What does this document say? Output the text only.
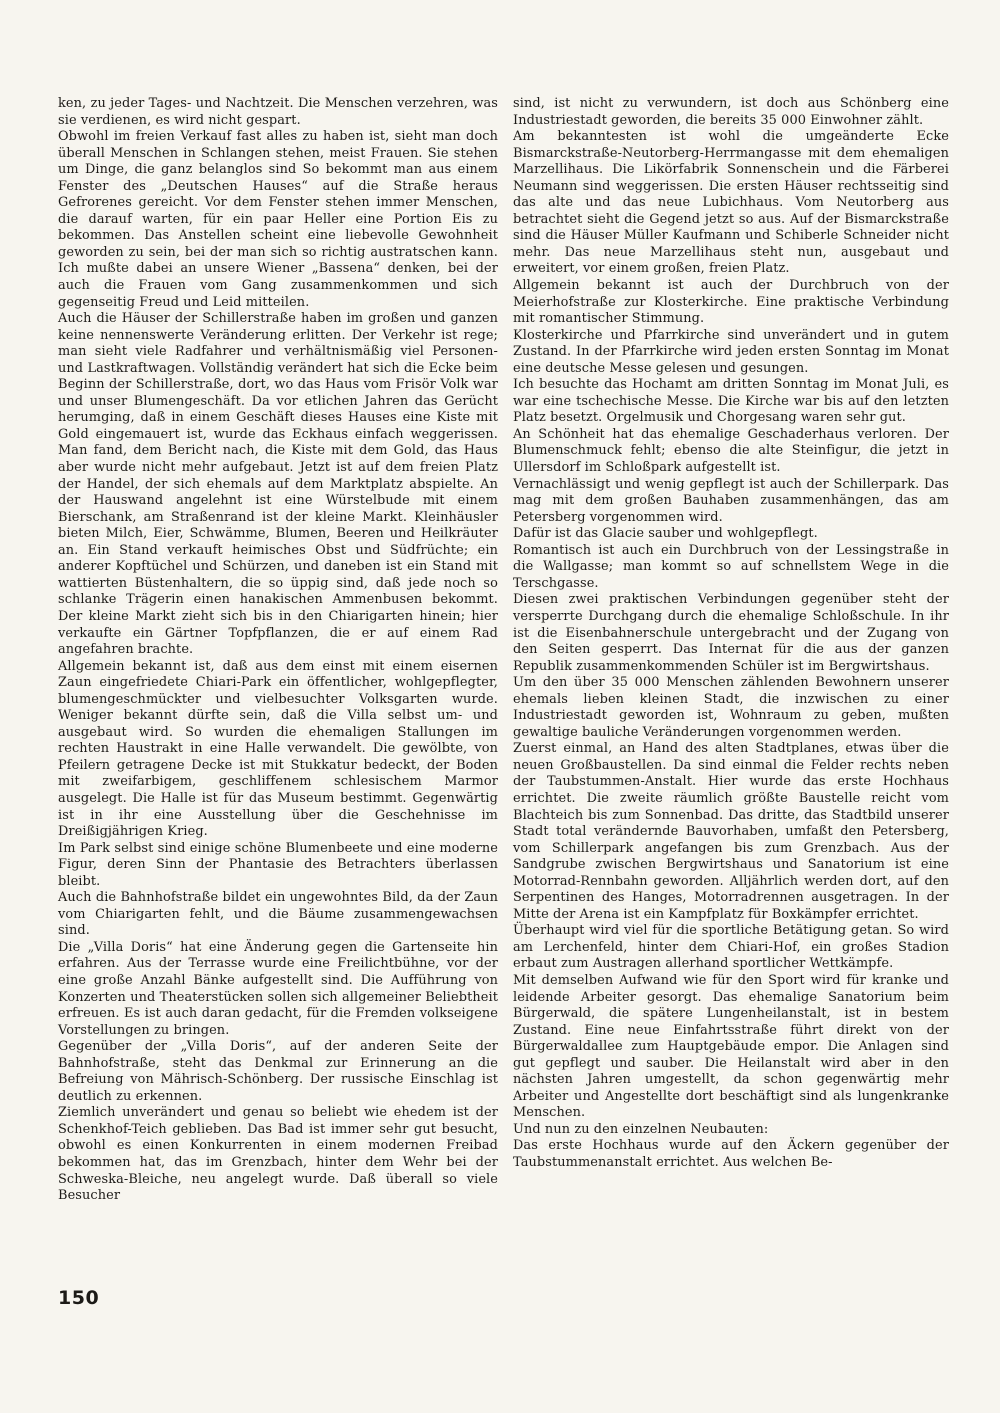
ken, zu jeder Tages- und Nachtzeit. Die Menschen verzehren, was sie verdienen, es wird nicht gespart.

Obwohl im freien Verkauf fast alles zu haben ist, sieht man doch überall Menschen in Schlangen stehen, meist Frauen. Sie stehen um Dinge, die ganz belanglos sind So bekommt man aus einem Fenster des „Deutschen Hauses“ auf die Straße heraus Gefrorenes gereicht. Vor dem Fenster stehen immer Menschen, die darauf warten, für ein paar Heller eine Portion Eis zu bekommen. Das Anstellen scheint eine liebevolle Gewohnheit geworden zu sein, bei der man sich so richtig austratschen kann. Ich mußte dabei an unsere Wiener „Bassena“ denken, bei der auch die Frauen vom Gang zusammenkommen und sich gegenseitig Freud und Leid mitteilen.

Auch die Häuser der Schillerstraße haben im großen und ganzen keine nennenswerte Veränderung erlitten. Der Verkehr ist rege; man sieht viele Radfahrer und verhältnismäßig viel Personen- und Lastkraftwagen. Vollständig verändert hat sich die Ecke beim Beginn der Schillerstraße, dort, wo das Haus vom Frisör Volk war und unser Blumengeschäft. Da vor etlichen Jahren das Gerücht herumging, daß in einem Geschäft dieses Hauses eine Kiste mit Gold eingemauert ist, wurde das Eckhaus einfach weggerissen. Man fand, dem Bericht nach, die Kiste mit dem Gold, das Haus aber wurde nicht mehr aufgebaut. Jetzt ist auf dem freien Platz der Handel, der sich ehemals auf dem Marktplatz abspielte. An der Hauswand angelehnt ist eine Würstelbude mit einem Bierschank, am Straßenrand ist der kleine Markt. Kleinhäusler bieten Milch, Eier, Schwämme, Blumen, Beeren und Heilkräuter an. Ein Stand verkauft heimisches Obst und Südfrüchte; ein anderer Kopftüchel und Schürzen, und daneben ist ein Stand mit wattierten Büstenhaltern, die so üppig sind, daß jede noch so schlanke Trägerin einen hanakischen Ammenbusen bekommt. Der kleine Markt zieht sich bis in den Chiarigarten hinein; hier verkaufte ein Gärtner Topfpflanzen, die er auf einem Rad angefahren brachte.

Allgemein bekannt ist, daß aus dem einst mit einem eisernen Zaun eingefriedete Chiari-Park ein öffentlicher, wohlgepflegter, blumengeschmückter und vielbesuchter Volksgarten wurde. Weniger bekannt dürfte sein, daß die Villa selbst um- und ausgebaut wird. So wurden die ehemaligen Stallungen im rechten Haustrakt in eine Halle verwandelt. Die gewölbte, von Pfeilern getragene Decke ist mit Stukkatur bedeckt, der Boden mit zweifarbigem, geschliffenem schlesischem Marmor ausgelegt. Die Halle ist für das Museum bestimmt. Gegenwärtig ist in ihr eine Ausstellung über die Geschehnisse im Dreißigjährigen Krieg.

Im Park selbst sind einige schöne Blumenbeete und eine moderne Figur, deren Sinn der Phantasie des Betrachters überlassen bleibt.

Auch die Bahnhofstraße bildet ein ungewohntes Bild, da der Zaun vom Chiarigarten fehlt, und die Bäume zusammengewachsen sind.

Die „Villa Doris“ hat eine Änderung gegen die Gartenseite hin erfahren. Aus der Terrasse wurde eine Freilichtbühne, vor der eine große Anzahl Bänke aufgestellt sind. Die Aufführung von Konzerten und Theaterstücken sollen sich allgemeiner Beliebtheit erfreuen. Es ist auch daran gedacht, für die Fremden volkseigene Vorstellungen zu bringen.

Gegenüber der „Villa Doris“, auf der anderen Seite der Bahnhofstraße, steht das Denkmal zur Erinnerung an die Befreiung von Mährisch-Schönberg. Der russische Einschlag ist deutlich zu erkennen.

Ziemlich unverändert und genau so beliebt wie ehedem ist der Schenkhof-Teich geblieben. Das Bad ist immer sehr gut besucht, obwohl es einen Konkurrenten in einem modernen Freibad bekommen hat, das im Grenzbach, hinter dem Wehr bei der Schweska-Bleiche, neu angelegt wurde. Daß überall so viele Besucher

sind, ist nicht zu verwundern, ist doch aus Schönberg eine Industriestadt geworden, die bereits 35 000 Einwohner zählt.

Am bekanntesten ist wohl die umgeänderte Ecke Bismarckstraße-Neutorberg-Herrmangasse mit dem ehemaligen Marzellihaus. Die Likörfabrik Sonnenschein und die Färberei Neumann sind weggerissen. Die ersten Häuser rechtsseitig sind das alte und das neue Lubichhaus. Vom Neutorberg aus betrachtet sieht die Gegend jetzt so aus. Auf der Bismarckstraße sind die Häuser Müller Kaufmann und Schiberle Schneider nicht mehr. Das neue Marzellihaus steht nun, ausgebaut und erweitert, vor einem großen, freien Platz.

Allgemein bekannt ist auch der Durchbruch von der Meierhofstraße zur Klosterkirche. Eine praktische Verbindung mit romantischer Stimmung.

Klosterkirche und Pfarrkirche sind unverändert und in gutem Zustand. In der Pfarrkirche wird jeden ersten Sonntag im Monat eine deutsche Messe gelesen und gesungen.

Ich besuchte das Hochamt am dritten Sonntag im Monat Juli, es war eine tschechische Messe. Die Kirche war bis auf den letzten Platz besetzt. Orgelmusik und Chorgesang waren sehr gut.

An Schönheit hat das ehemalige Geschaderhaus verloren. Der Blumenschmuck fehlt; ebenso die alte Steinfigur, die jetzt in Ullersdorf im Schloßpark aufgestellt ist.

Vernachlässigt und wenig gepflegt ist auch der Schillerpark. Das mag mit dem großen Bauhaben zusammenhängen, das am Petersberg vorgenommen wird.

Dafür ist das Glacie sauber und wohlgepflegt.

Romantisch ist auch ein Durchbruch von der Lessingstraße in die Wallgasse; man kommt so auf schnellstem Wege in die Terschgasse.

Diesen zwei praktischen Verbindungen gegenüber steht der versperrte Durchgang durch die ehemalige Schloßschule. In ihr ist die Eisenbahnerschule untergebracht und der Zugang von den Seiten gesperrt. Das Internat für die aus der ganzen Republik zusammenkommenden Schüler ist im Bergwirtshaus.

Um den über 35 000 Menschen zählenden Bewohnern unserer ehemals lieben kleinen Stadt, die inzwischen zu einer Industriestadt geworden ist, Wohnraum zu geben, mußten gewaltige bauliche Veränderungen vorgenommen werden.

Zuerst einmal, an Hand des alten Stadtplanes, etwas über die neuen Großbaustellen. Da sind einmal die Felder rechts neben der Taubstummen-Anstalt. Hier wurde das erste Hochhaus errichtet. Die zweite räumlich größte Baustelle reicht vom Blachteich bis zum Sonnenbad. Das dritte, das Stadtbild unserer Stadt total verändernde Bauvorhaben, umfaßt den Petersberg, vom Schillerpark angefangen bis zum Grenzbach. Aus der Sandgrube zwischen Bergwirtshaus und Sanatorium ist eine Motorrad-Rennbahn geworden. Alljährlich werden dort, auf den Serpentinen des Hanges, Motorradrennen ausgetragen. In der Mitte der Arena ist ein Kampfplatz für Boxkämpfer errichtet.

Überhaupt wird viel für die sportliche Betätigung getan. So wird am Lerchenfeld, hinter dem Chiari-Hof, ein großes Stadion erbaut zum Austragen allerhand sportlicher Wettkämpfe.

Mit demselben Aufwand wie für den Sport wird für kranke und leidende Arbeiter gesorgt. Das ehemalige Sanatorium beim Bürgerwald, die spätere Lungenheilanstalt, ist in bestem Zustand. Eine neue Einfahrtsstraße führt direkt von der Bürgerwaldallee zum Hauptgebäude empor. Die Anlagen sind gut gepflegt und sauber. Die Heilanstalt wird aber in den nächsten Jahren umgestellt, da schon gegenwärtig mehr Arbeiter und Angestellte dort beschäftigt sind als lungenkranke Menschen.

Und nun zu den einzelnen Neubauten:

Das erste Hochhaus wurde auf den Äckern gegenüber der Taubstummenanstalt errichtet. Aus welchen Be-

150
